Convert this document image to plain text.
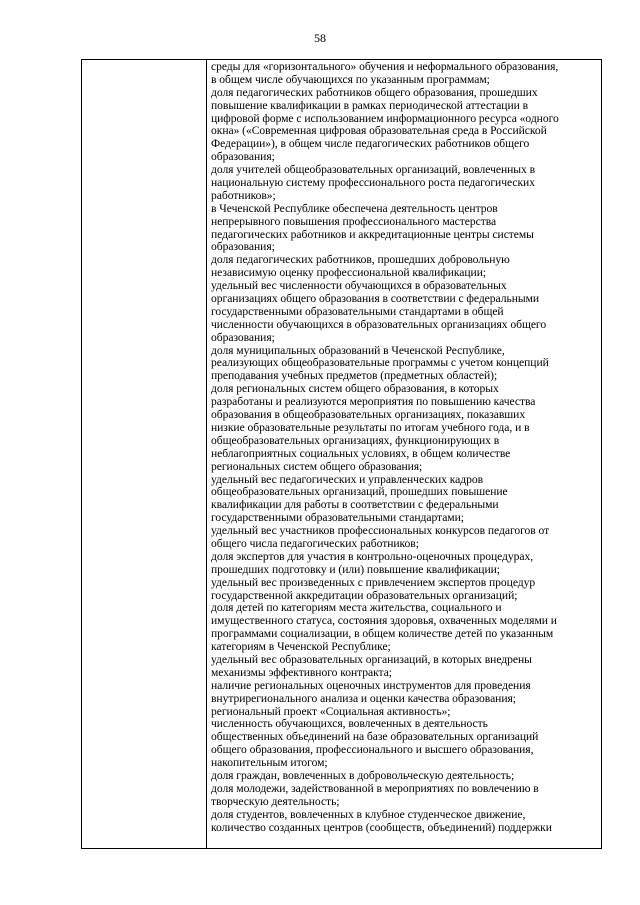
58
среды для «горизонтального» обучения и неформального образования,
в общем числе обучающихся по указанным программам;
доля педагогических работников общего образования, прошедших
повышение квалификации в рамках периодической аттестации в
цифровой форме с использованием информационного ресурса «одного
окна» («Современная цифровая образовательная среда в Российской
Федерации»), в общем числе педагогических работников общего
образования;
доля учителей общеобразовательных организаций, вовлеченных в
национальную систему профессионального роста педагогических
работников»;
в Чеченской Республике обеспечена деятельность центров
непрерывного повышения профессионального мастерства
педагогических работников и аккредитационные центры системы
образования;
доля педагогических работников, прошедших добровольную
независимую оценку профессиональной квалификации;
удельный вес численности обучающихся в образовательных
организациях общего образования в соответствии с федеральными
государственными образовательными стандартами в общей
численности обучающихся в образовательных организациях общего
образования;
доля муниципальных образований в Чеченской Республике,
реализующих общеобразовательные программы с учетом концепций
преподавания учебных предметов (предметных областей);
доля региональных систем общего образования, в которых
разработаны и реализуются мероприятия по повышению качества
образования в общеобразовательных организациях, показавших
низкие образовательные результаты по итогам учебного года, и в
общеобразовательных организациях, функционирующих в
неблагоприятных социальных условиях, в общем количестве
региональных систем общего образования;
удельный вес педагогических и управленческих кадров
общеобразовательных организаций, прошедших повышение
квалификации для работы в соответствии с федеральными
государственными образовательными стандартами;
удельный вес участников профессиональных конкурсов педагогов от
общего числа педагогических работников;
доля экспертов для участия в контрольно-оценочных процедурах,
прошедших подготовку и (или) повышение квалификации;
удельный вес произведенных с привлечением экспертов процедур
государственной аккредитации образовательных организаций;
доля детей по категориям места жительства, социального и
имущественного статуса, состояния здоровья, охваченных моделями и
программами социализации, в общем количестве детей по указанным
категориям в Чеченской Республике;
удельный вес образовательных организаций, в которых внедрены
механизмы эффективного контракта;
наличие региональных оценочных инструментов для проведения
внутрирегионального анализа и оценки качества образования;
региональный проект «Социальная активность»;
численность обучающихся, вовлеченных в деятельность
общественных объединений на базе образовательных организаций
общего образования, профессионального и высшего образования,
накопительным итогом;
доля граждан, вовлеченных в добровольческую деятельность;
доля молодежи, задействованной в мероприятиях по вовлечению в
творческую деятельность;
доля студентов, вовлеченных в клубное студенческое движение,
количество созданных центров (сообществ, объединений) поддержки
